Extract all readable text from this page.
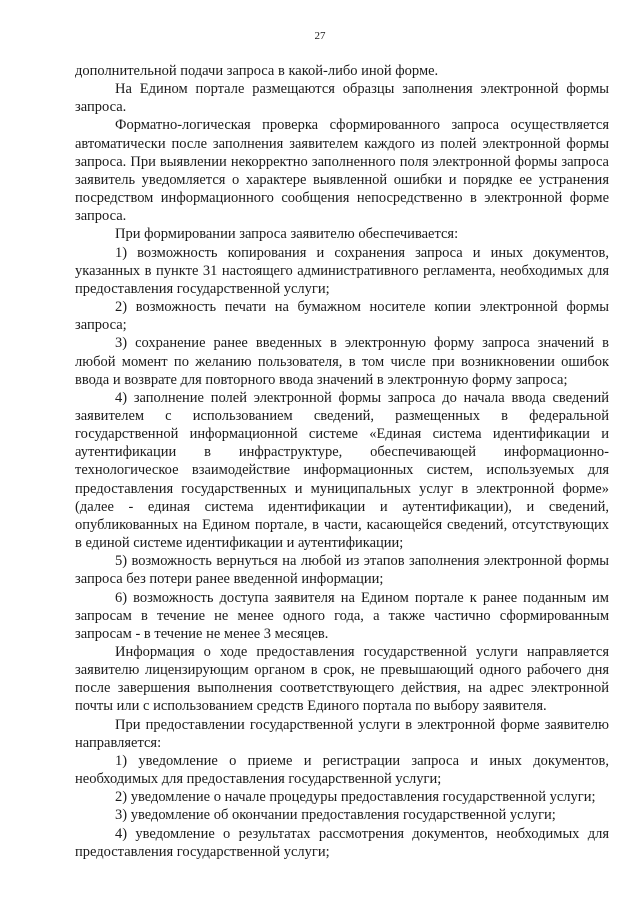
27

дополнительной подачи запроса в какой-либо иной форме.

На Едином портале размещаются образцы заполнения электронной формы запроса.

Форматно-логическая проверка сформированного запроса осуществляется автоматически после заполнения заявителем каждого из полей электронной формы запроса. При выявлении некорректно заполненного поля электронной формы запроса заявитель уведомляется о характере выявленной ошибки и порядке ее устранения посредством информационного сообщения непосредственно в электронной форме запроса.

При формировании запроса заявителю обеспечивается:

1) возможность копирования и сохранения запроса и иных документов, указанных в пункте 31 настоящего административного регламента, необходимых для предоставления государственной услуги;

2) возможность печати на бумажном носителе копии электронной формы запроса;

3) сохранение ранее введенных в электронную форму запроса значений в любой момент по желанию пользователя, в том числе при возникновении ошибок ввода и возврате для повторного ввода значений в электронную форму запроса;

4) заполнение полей электронной формы запроса до начала ввода сведений заявителем с использованием сведений, размещенных в федеральной государственной информационной системе «Единая система идентификации и аутентификации в инфраструктуре, обеспечивающей информационно-технологическое взаимодействие информационных систем, используемых для предоставления государственных и муниципальных услуг в электронной форме» (далее - единая система идентификации и аутентификации), и сведений, опубликованных на Едином портале, в части, касающейся сведений, отсутствующих в единой системе идентификации и аутентификации;

5) возможность вернуться на любой из этапов заполнения электронной формы запроса без потери ранее введенной информации;

6) возможность доступа заявителя на Едином портале к ранее поданным им запросам в течение не менее одного года, а также частично сформированным запросам - в течение не менее 3 месяцев.

Информация о ходе предоставления государственной услуги направляется заявителю лицензирующим органом в срок, не превышающий одного рабочего дня после завершения выполнения соответствующего действия, на адрес электронной почты или с использованием средств Единого портала по выбору заявителя.

При предоставлении государственной услуги в электронной форме заявителю направляется:

1) уведомление о приеме и регистрации запроса и иных документов, необходимых для предоставления государственной услуги;

2) уведомление о начале процедуры предоставления государственной услуги;

3) уведомление об окончании предоставления государственной услуги;

4) уведомление о результатах рассмотрения документов, необходимых для предоставления государственной услуги;
